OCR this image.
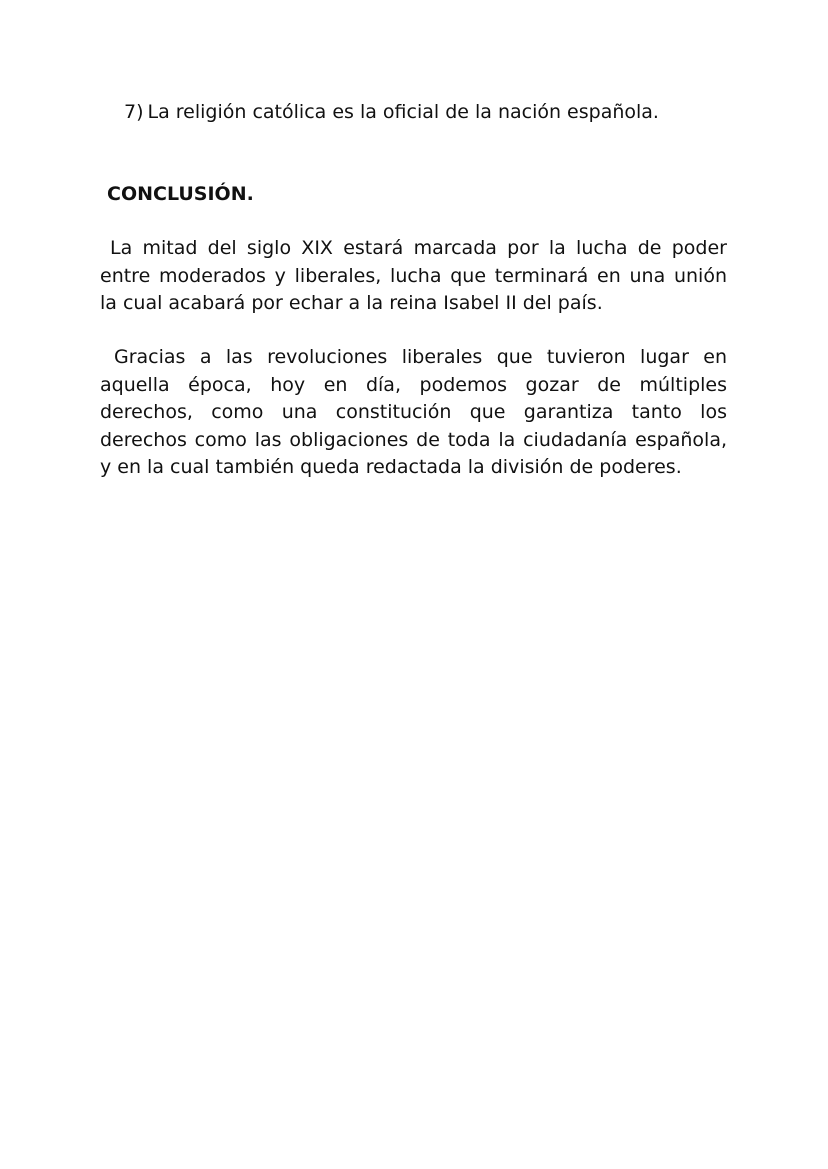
7) La religión católica es la oficial de la nación española.
CONCLUSIÓN.
La mitad del siglo XIX estará marcada por la lucha de poder
entre moderados y liberales, lucha que terminará en una unión
la cual acabará por echar a la reina Isabel II del país.
Gracias a las revoluciones liberales que tuvieron lugar en
aquella época, hoy en día, podemos gozar de múltiples
derechos, como una constitución que garantiza tanto los
derechos como las obligaciones de toda la ciudadanía española,
y en la cual también queda redactada la división de poderes.
